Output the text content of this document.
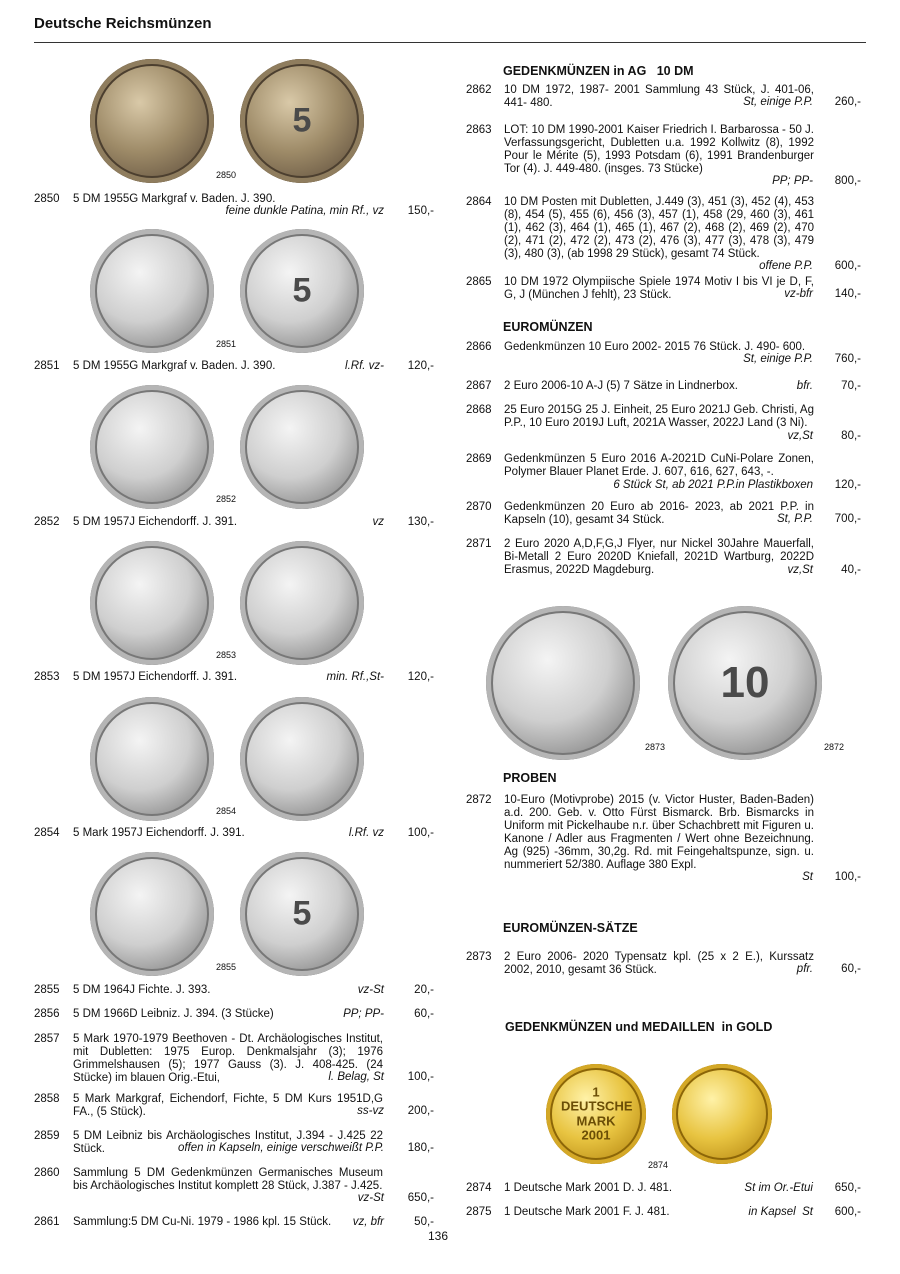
Deutsche Reichsmünzen
5
2850
5
2851
2852
2853
2854
5
2855
2850 5 DM 1955G Markgraf v. Baden. J. 390.
feine dunkle Patina, min Rf., vz 150,-
2851 5 DM 1955G Markgraf v. Baden. J. 390.	l.Rf. vz- 120,-
2852 5 DM 1957J Eichendorff. J. 391.	vz 130,-
2853 5 DM 1957J Eichendorff. J. 391.	min. Rf.,St- 120,-
2854 5 Mark 1957J Eichendorff. J. 391.	l.Rf. vz 100,-
2855 5 DM 1964J Fichte. J. 393.	vz-St	20,-
2856 5 DM 1966D Leibniz. J. 394. (3 Stücke)	PP; PP-	60,-
2857 5 Mark 1970-1979 Beethoven - Dt. Archäologisches Institut, mit Dubletten: 1975 Europ. Denkmalsjahr (3); 1976 Grimmelshausen (5); 1977 Gauss (3). J. 408-425. (24 Stücke) im blauen Orig.-Etui,	l. Belag, St 100,-
2858 5 Mark Markgraf, Eichendorf, Fichte, 5 DM Kurs 1951D,G FA., (5 Stück).	ss-vz 200,-
2859 5 DM Leibniz bis Archäologisches Institut, J.394 - J.425 22 Stück.	offen in Kapseln, einige verschweißt P.P. 180,-
2860 Sammlung 5 DM Gedenkmünzen Germanisches Museum bis Archäologisches Institut komplett 28 Stück, J.387 - J.425.
vz-St 650,-
2861 Sammlung:5 DM Cu-Ni. 1979 - 1986 kpl. 15 Stück.	vz, bfr	50,-
GEDENKMÜNZEN in AG   10 DM
2862 10 DM 1972, 1987- 2001 Sammlung 43 Stück, J. 401-06, 441- 480.	St, einige P.P. 260,-
2863 LOT: 10 DM 1990-2001 Kaiser Friedrich I. Barbarossa - 50 J. Verfassungsgericht, Dubletten u.a. 1992 Kollwitz (8), 1992 Pour le Mérite (5), 1993 Potsdam (6), 1991 Brandenburger Tor (4). J. 449-480. (insges. 73 Stücke)
PP; PP- 800,-
2864 10 DM Posten mit Dubletten, J.449 (3), 451 (3), 452 (4), 453 (8), 454 (5), 455 (6), 456 (3), 457 (1), 458 (29, 460 (3), 461 (1), 462 (3), 464 (1), 465 (1), 467 (2), 468 (2), 469 (2), 470 (2), 471 (2), 472 (2), 473 (2), 476 (3), 477 (3), 478 (3), 479 (3), 480 (3), (ab 1998 29 Stück), gesamt 74 Stück.
offene P.P. 600,-
2865 10 DM 1972 Olympiische Spiele 1974 Motiv I bis VI je D, F, G, J (München J fehlt), 23 Stück.	vz-bfr 140,-
EUROMÜNZEN
2866 Gedenkmünzen 10 Euro 2002- 2015 76 Stück. J. 490- 600.
St, einige P.P. 760,-
2867 2 Euro 2006-10 A-J (5) 7 Sätze in Lindnerbox.	bfr. 70,-
2868 25 Euro 2015G 25 J. Einheit, 25 Euro 2021J Geb. Christi, Ag P.P., 10 Euro 2019J Luft, 2021A Wasser, 2022J Land (3 Ni).
vz,St 80,-
2869 Gedenkmünzen 5 Euro 2016 A-2021D CuNi-Polare Zonen, Polymer Blauer Planet Erde. J. 607, 616, 627, 643, -.
6 Stück St, ab 2021 P.P.in Plastikboxen 120,-
2870 Gedenkmünzen 20 Euro ab 2016- 2023, ab 2021 P.P. in Kapseln (10), gesamt 34 Stück.	St, P.P. 700,-
2871 2 Euro 2020 A,D,F,G,J Flyer, nur Nickel 30Jahre Mauerfall, Bi-Metall 2 Euro 2020D Kniefall, 2021D Wartburg, 2022D Erasmus, 2022D Magdeburg.	vz,St 40,-
10
2873	2872
PROBEN
2872 10-Euro (Motivprobe) 2015 (v. Victor Huster, Baden-Baden) a.d. 200. Geb. v. Otto Fürst Bismarck. Brb. Bismarcks in Uniform mit Pickelhaube n.r. über Schachbrett mit Figuren u. Kanone / Adler aus Fragmenten / Wert ohne Bezeichnung. Ag (925) -36mm, 30,2g. Rd. mit Feingehaltspunze, sign. u. nummeriert 52/380. Auflage 380 Expl.
St 100,-
EUROMÜNZEN-SÄTZE
2873 2 Euro 2006- 2020 Typensatz kpl. (25 x 2 E.), Kurssatz 2002, 2010, gesamt 36 Stück.	pfr. 60,-
GEDENKMÜNZEN und MEDAILLEN  in GOLD
1 DEUTSCHE MARK 2001
2874
2874 1 Deutsche Mark 2001 D. J. 481.	St im Or.-Etui 650,-
2875 1 Deutsche Mark 2001 F. J. 481.	in Kapsel  St 600,-
136
